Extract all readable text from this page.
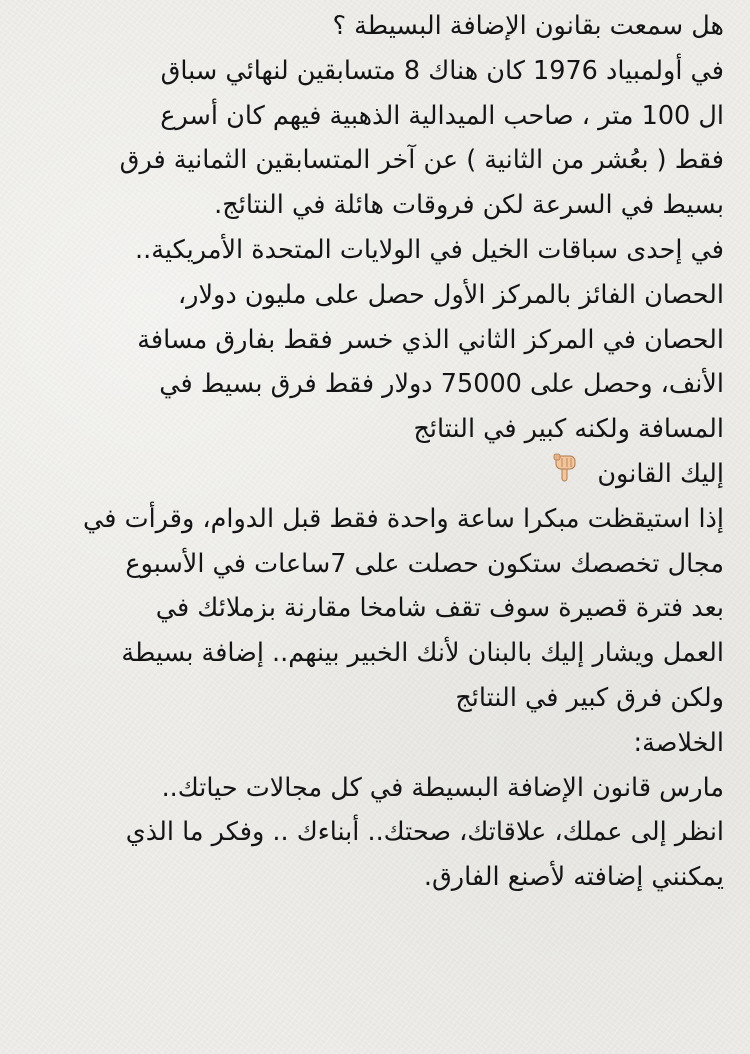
هل سمعت بقانون الإضافة البسيطة ؟
في أولمبياد 1976 كان هناك 8 متسابقين لنهائي سباق
ال 100 متر ، صاحب الميدالية الذهبية فيهم كان أسرع
فقط ( بعُشر من الثانية ) عن آخر المتسابقين الثمانية فرق
بسيط في السرعة لكن فروقات هائلة في النتائج.
في إحدى سباقات الخيل في الولايات المتحدة الأمريكية..
الحصان الفائز بالمركز الأول حصل على مليون دولار،
الحصان في المركز الثاني الذي خسر فقط بفارق مسافة
الأنف، وحصل على 75000 دولار فقط فرق بسيط في
المسافة ولكنه كبير في النتائج
إليك القانون
إذا استيقظت مبكرا ساعة واحدة فقط قبل الدوام، وقرأت في
مجال تخصصك ستكون حصلت على 7ساعات في الأسبوع
بعد فترة قصيرة سوف تقف شامخا مقارنة بزملائك في
العمل ويشار إليك بالبنان لأنك الخبير بينهم.. إضافة بسيطة
ولكن فرق كبير في النتائج
الخلاصة:
مارس قانون الإضافة البسيطة في كل مجالات حياتك..
انظر إلى عملك، علاقاتك، صحتك.. أبناءك .. وفكر ما الذي
يمكنني إضافته لأصنع الفارق.
